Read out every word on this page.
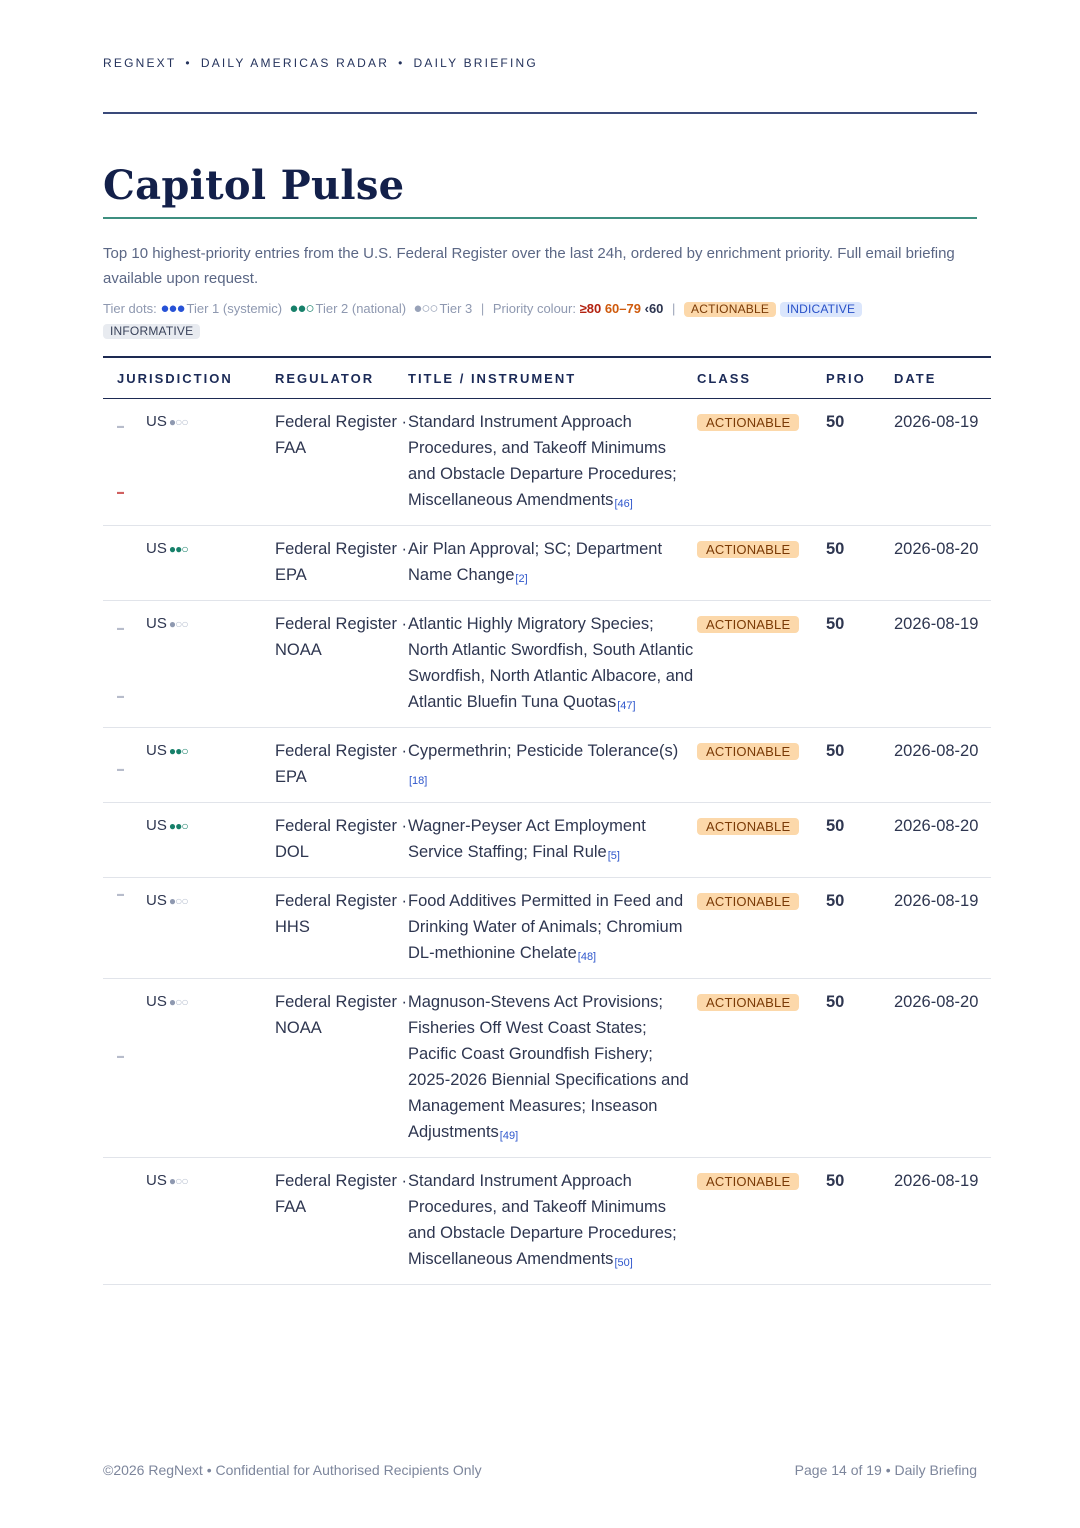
REGNEXT • DAILY AMERICAS RADAR • DAILY BRIEFING
Capitol Pulse

Top 10 highest-priority entries from the U.S. Federal Register over the last 24h, ordered by enrichment priority. Full email briefing available upon request.

Tier dots: ●●● Tier 1 (systemic) ●●○ Tier 2 (national) ●○○ Tier 3 | Priority colour: ≥80 60–79 ‹60 | ACTIONABLE INDICATIVE
INFORMATIVE
JURISDICTION	REGULATOR	TITLE / INSTRUMENT	CLASS	PRIO	DATE

▬
▬
US ●○○	Federal Register · FAA	Standard Instrument Approach Procedures, and Takeoff Minimums and Obstacle Departure Procedures; Miscellaneous Amendments[46]	ACTIONABLE	50	2026-08-19

US ●●○	Federal Register · EPA	Air Plan Approval; SC; Department Name Change[2]	ACTIONABLE	50	2026-08-20

▬
▬
US ●○○	Federal Register · NOAA	Atlantic Highly Migratory Species; North Atlantic Swordfish, South Atlantic Swordfish, North Atlantic Albacore, and Atlantic Bluefin Tuna Quotas[47]	ACTIONABLE	50	2026-08-19

▬
US ●●○	Federal Register · EPA	Cypermethrin; Pesticide Tolerance(s)[18]	ACTIONABLE	50	2026-08-20

▬
US ●●○	Federal Register · DOL	Wagner-Peyser Act Employment Service Staffing; Final Rule[5]	ACTIONABLE	50	2026-08-20

US ●○○	Federal Register · HHS	Food Additives Permitted in Feed and Drinking Water of Animals; Chromium DL-methionine Chelate[48]	ACTIONABLE	50	2026-08-19

▬
US ●○○	Federal Register · NOAA	Magnuson-Stevens Act Provisions; Fisheries Off West Coast States; Pacific Coast Groundfish Fishery; 2025-2026 Biennial Specifications and Management Measures; Inseason Adjustments[49]	ACTIONABLE	50	2026-08-20

US ●○○	Federal Register · FAA	Standard Instrument Approach Procedures, and Takeoff Minimums and Obstacle Departure Procedures; Miscellaneous Amendments[50]	ACTIONABLE	50	2026-08-19
©2026 RegNext • Confidential for Authorised Recipients Only	Page 14 of 19 • Daily Briefing
